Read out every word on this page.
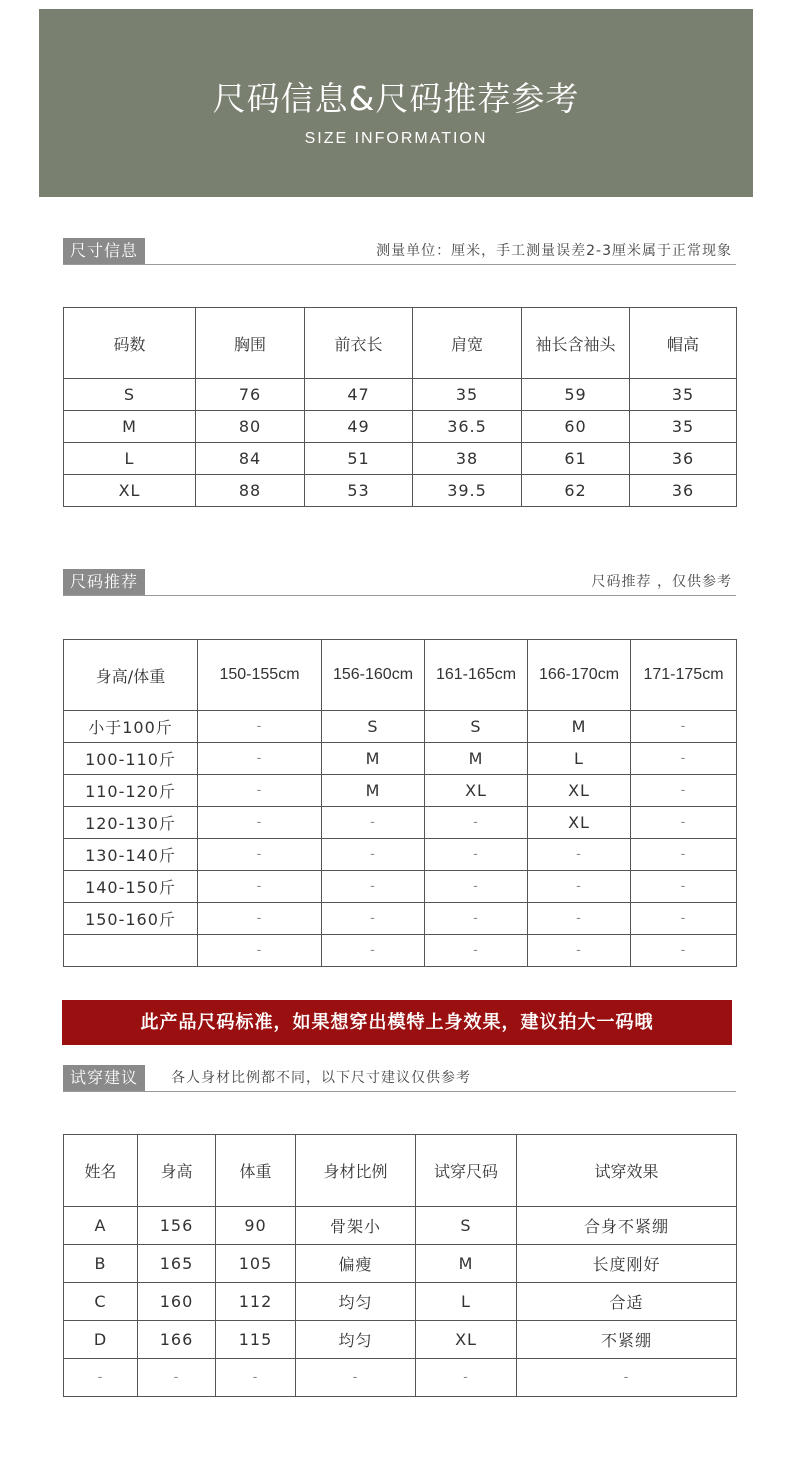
尺码信息&尺码推荐参考
SIZE INFORMATION
尺寸信息	测量单位：厘米，手工测量误差2-3厘米属于正常现象
码数	胸围	前衣长	肩宽	袖长含袖头	帽高
S	76	47	35	59	35
M	80	49	36.5	60	35
L	84	51	38	61	36
XL	88	53	39.5	62	36
尺码推荐	尺码推荐 ，仅供参考
身高/体重	150-155cm	156-160cm	161-165cm	166-170cm	171-175cm
小于100斤	-	S	S	M	-
100-110斤	-	M	M	L	-
110-120斤	-	M	XL	XL	-
120-130斤	-	-	-	XL	-
130-140斤	-	-	-	-	-
140-150斤	-	-	-	-	-
150-160斤	-	-	-	-	-
	-	-	-	-	-
此产品尺码标准，如果想穿出模特上身效果，建议拍大一码哦
试穿建议	各人身材比例都不同，以下尺寸建议仅供参考
姓名	身高	体重	身材比例	试穿尺码	试穿效果
A	156	90	骨架小	S	合身不紧绷
B	165	105	偏瘦	M	长度刚好
C	160	112	均匀	L	合适
D	166	115	均匀	XL	不紧绷
-	-	-	-	-	-
